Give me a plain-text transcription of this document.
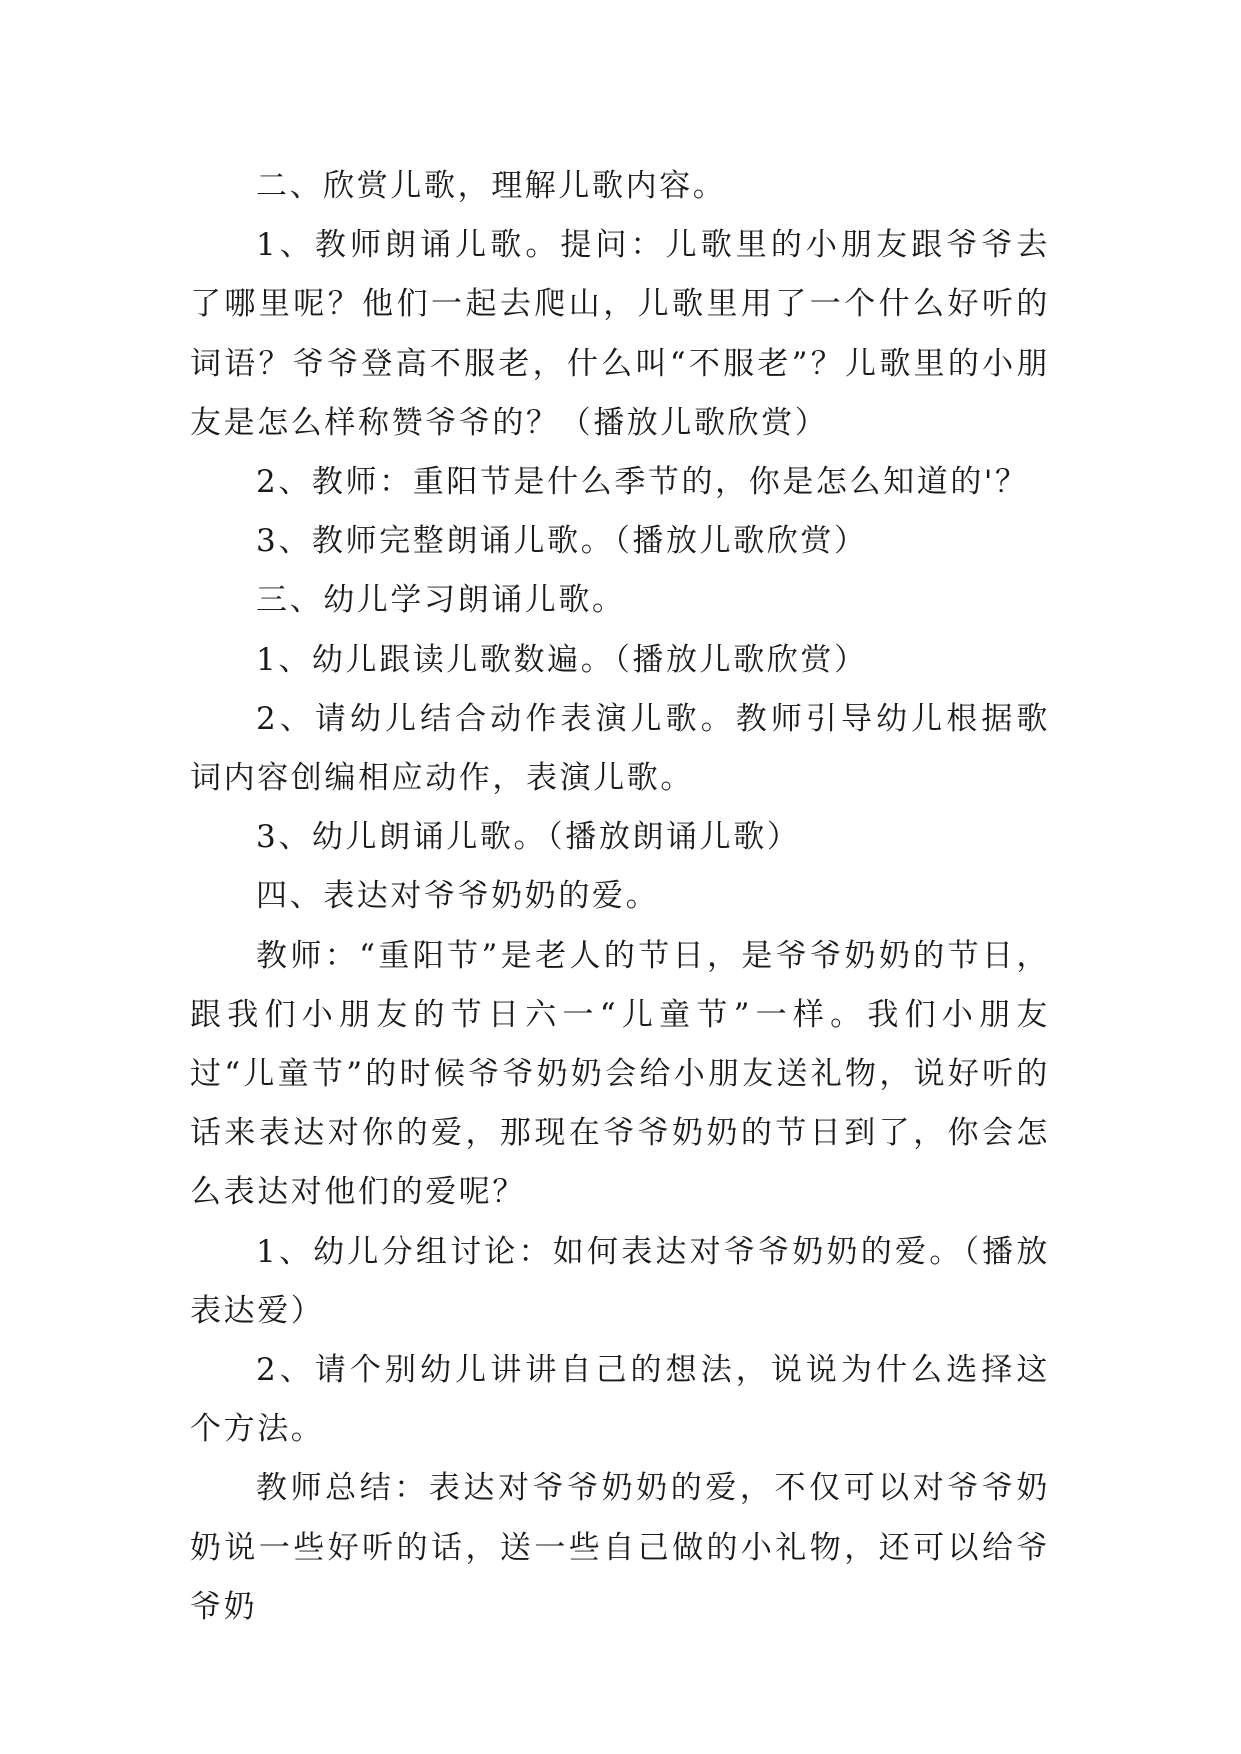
二、欣赏儿歌，理解儿歌内容。

1、教师朗诵儿歌。提问：儿歌里的小朋友跟爷爷去了哪里呢？他们一起去爬山，儿歌里用了一个什么好听的词语？爷爷登高不服老，什么叫“不服老”？儿歌里的小朋友是怎么样称赞爷爷的？（播放儿歌欣赏）

2、教师：重阳节是什么季节的，你是怎么知道的'？

3、教师完整朗诵儿歌。（播放儿歌欣赏）

三、幼儿学习朗诵儿歌。

1、幼儿跟读儿歌数遍。（播放儿歌欣赏）

2、请幼儿结合动作表演儿歌。教师引导幼儿根据歌词内容创编相应动作，表演儿歌。

3、幼儿朗诵儿歌。（播放朗诵儿歌）

四、表达对爷爷奶奶的爱。

教师：“重阳节”是老人的节日，是爷爷奶奶的节日，跟我们小朋友的节日六一“儿童节”一样。我们小朋友过“儿童节”的时候爷爷奶奶会给小朋友送礼物，说好听的话来表达对你的爱，那现在爷爷奶奶的节日到了，你会怎么表达对他们的爱呢？

1、幼儿分组讨论：如何表达对爷爷奶奶的爱。（播放表达爱）

2、请个别幼儿讲讲自己的想法，说说为什么选择这个方法。

教师总结：表达对爷爷奶奶的爱，不仅可以对爷爷奶奶说一些好听的话，送一些自己做的小礼物，还可以给爷爷奶
